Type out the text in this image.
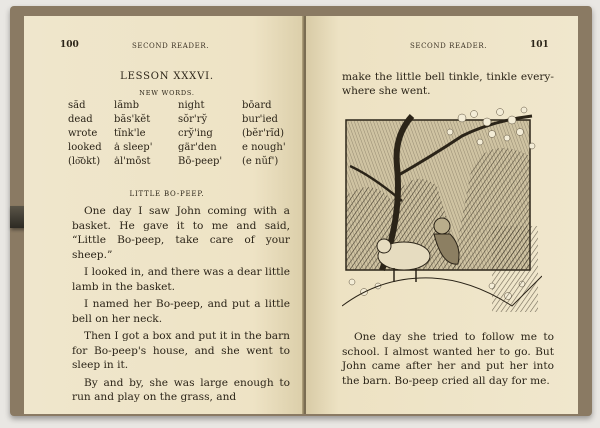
100	SECOND READER.
LESSON XXXVI.
NEW WORDS.
săd	lămb	night	bōard
dead	băs'kĕt	sŏr'ry̆	bur'ied
wrote	tĭnk'le	cry̆'ing	(bĕr'rĭd)
looked	ȧ sleep'	gär'den	e nough'
(lo͝okt)	ȧl'mōst	Bō-peep'	(e nŭf')
LITTLE BO-PEEP.

One day I saw John coming with a basket. He gave it to me and said, “Little Bo-peep, take care of your sheep.”

I looked in, and there was a dear little lamb in the basket.

I named her Bo-peep, and put a little bell on her neck.

Then I got a box and put it in the barn for Bo-peep's house, and she went to sleep in it.

By and by, she was large enough to run and play on the grass, and

SECOND READER.	101

make the little bell tinkle, tinkle every-where she went.

One day she tried to follow me to school. I almost wanted her to go. But John came after her and put her into the barn. Bo-peep cried all day for me.
